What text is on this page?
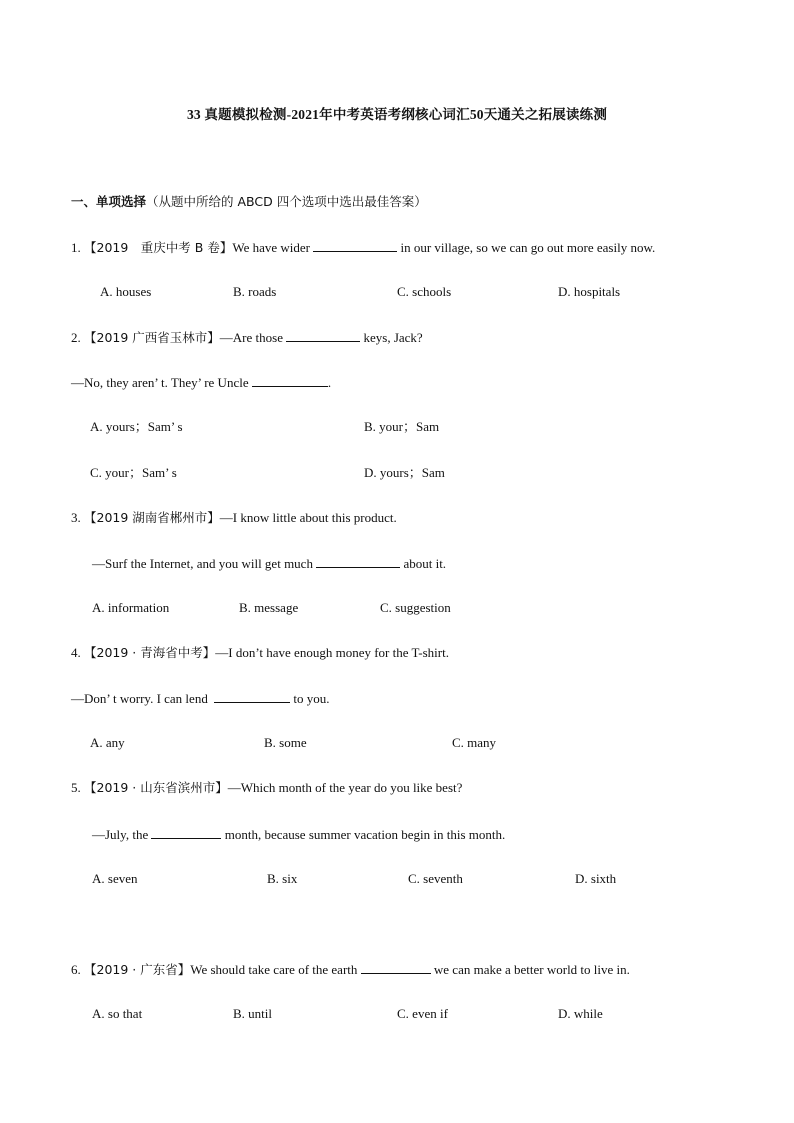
33 真题模拟检测-2021年中考英语考纲核心词汇50天通关之拓展读练测
一、单项选择（从题中所给的 ABCD 四个选项中选出最佳答案）
1. 【2019　重庆中考 B 卷】We have wider	in our village, so we can go out more easily now.
A. houses	B. roads	C. schools	D. hospitals
2. 【2019 广西省玉林市】—Are those	keys, Jack?
—No, they aren’ t. They’ re Uncle	.
A. yours；Sam’ s	B. your；Sam
C. your；Sam’ s	D. yours；Sam
3. 【2019 湖南省郴州市】—I know little about this product.
—Surf the Internet, and you will get much	about it.
A. information	B. message	C. suggestion
4. 【2019 · 青海省中考】—I don’t have enough money for the T-shirt.
—Don’ t worry. I can lend	to you.
A. any	B. some	C. many
5. 【2019 · 山东省滨州市】—Which month of the year do you like best?
—July, the	month, because summer vacation begin in this month.
A. seven	B. six	C. seventh	D. sixth
6. 【2019 · 广东省】We should take care of the earth	we can make a better world to live in.
A. so that	B. until	C. even if	D. while
